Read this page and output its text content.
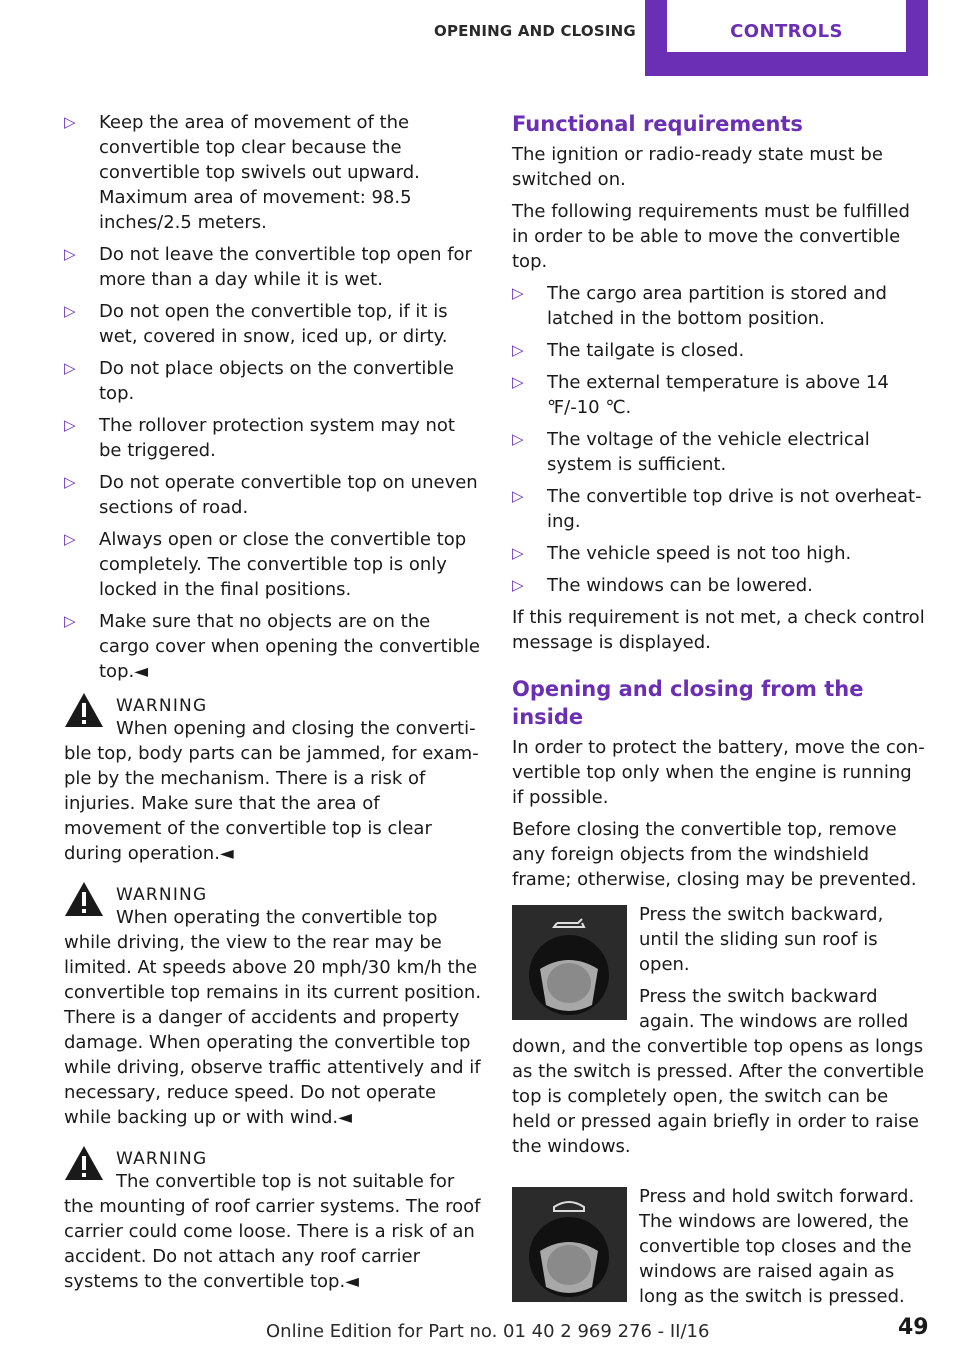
OPENING AND CLOSING	CONTROLS
▷ Keep the area of movement of the convertible top clear because the convertible top swivels out upward. Maximum area of movement: 98.5 inches/2.5 meters.
▷ Do not leave the convertible top open for more than a day while it is wet.
▷ Do not open the convertible top, if it is wet, covered in snow, iced up, or dirty.
▷ Do not place objects on the convertible top.
▷ The rollover protection system may not be triggered.
▷ Do not operate convertible top on uneven sections of road.
▷ Always open or close the convertible top completely. The convertible top is only locked in the final positions.
▷ Make sure that no objects are on the cargo cover when opening the convertible top.◄
WARNING
When opening and closing the convertible top, body parts can be jammed, for example by the mechanism. There is a risk of injuries. Make sure that the area of movement of the convertible top is clear during operation.◄
WARNING
When operating the convertible top while driving, the view to the rear may be limited. At speeds above 20 mph/30 km/h the convertible top remains in its current position. There is a danger of accidents and property damage. When operating the convertible top while driving, observe traffic attentively and if necessary, reduce speed. Do not operate while backing up or with wind.◄
WARNING
The convertible top is not suitable for the mounting of roof carrier systems. The roof carrier could come loose. There is a risk of an accident. Do not attach any roof carrier systems to the convertible top.◄
Functional requirements

The ignition or radio-ready state must be switched on.

The following requirements must be fulfilled in order to be able to move the convertible top.

▷ The cargo area partition is stored and latched in the bottom position.
▷ The tailgate is closed.
▷ The external temperature is above 14 ℉/-10 ℃.
▷ The voltage of the vehicle electrical system is sufficient.
▷ The convertible top drive is not overheating.
▷ The vehicle speed is not too high.
▷ The windows can be lowered.

If this requirement is not met, a check control message is displayed.

Opening and closing from the inside

In order to protect the battery, move the convertible top only when the engine is running if possible.

Before closing the convertible top, remove any foreign objects from the windshield frame; otherwise, closing may be prevented.

Press the switch backward, until the sliding sun roof is open.

Press the switch backward again. The windows are rolled down, and the convertible top opens as longs as the switch is pressed. After the convertible top is completely open, the switch can be held or pressed again briefly in order to raise the windows.

Press and hold switch forward. The windows are lowered, the convertible top closes and the windows are raised again as long as the switch is pressed.

Online Edition for Part no. 01 40 2 969 276 - II/16	49
